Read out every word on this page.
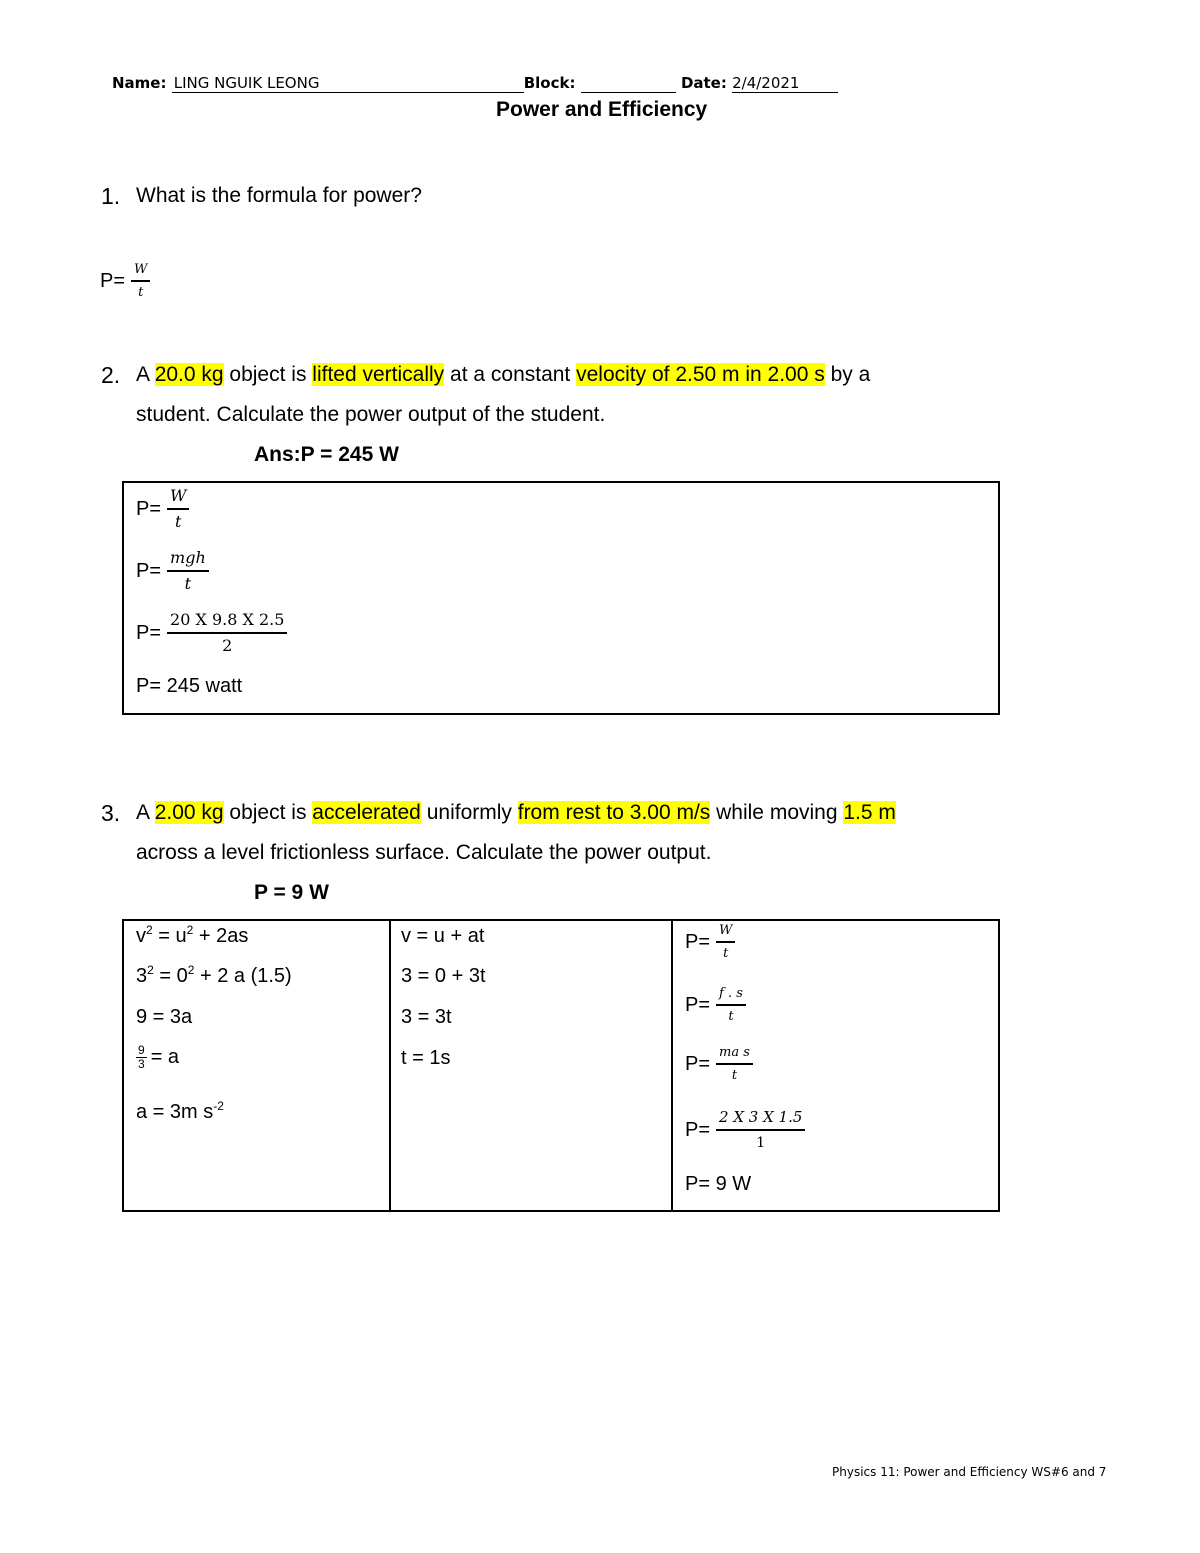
Name: LING NGUIK LEONG	Block:	Date: 2/4/2021
Power and Efficiency
1. What is the formula for power?
$P= \frac{W}{t}$
2. A 20.0 kg object is lifted vertically at a constant velocity of 2.50 m in 2.00 s by a
student. Calculate the power output of the student.
Ans:P = 245 W
$P= \frac{W}{t}$
$P= \frac{\text{mgh}}{t}$
$P= \frac{20 X 9.8 X 2.5}{2}$
P= 245 watt
3. A 2.00 kg object is accelerated uniformly from rest to 3.00 m/s while moving 1.5 m
across a level frictionless surface. Calculate the power output.
P = 9 W
$v^2 = u^2 + 2as$
$3^2 = 0^2 + 2$ a (1.5)
9 = 3a
$\frac{9}{3} = a$
a = 3m $s^{-2}$
v = u + at
3 = 0 + 3t
3 = 3t
t = 1s
$P= \frac{W}{t}$
$P= \frac{f . s}{t}$
$P= \frac{\text{ma s}}{t}$
$P= \frac{2 X 3 X 1.5}{1}$
P= 9 W
Physics 11: Power and Efficiency WS#6 and 7
